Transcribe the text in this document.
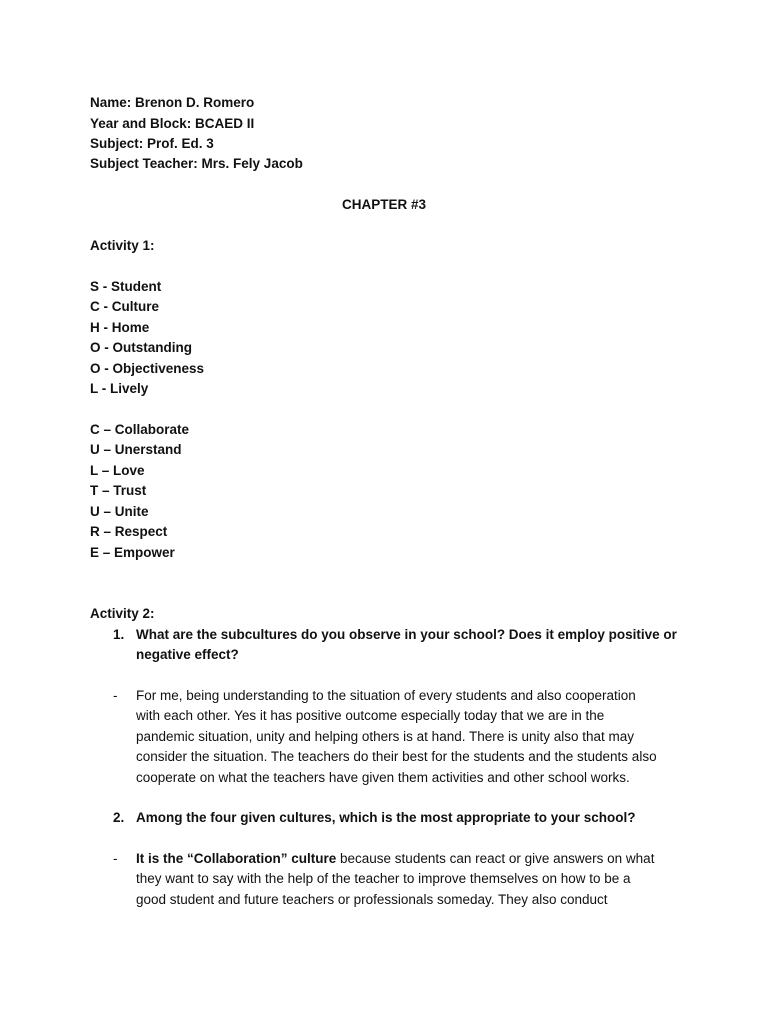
Name: Brenon D. Romero
Year and Block: BCAED II
Subject: Prof. Ed. 3
Subject Teacher: Mrs. Fely Jacob
CHAPTER #3
Activity 1:
S - Student
C - Culture
H - Home
O - Outstanding
O - Objectiveness
L - Lively
C – Collaborate
U – Unerstand
L – Love
T – Trust
U – Unite
R – Respect
E – Empower
Activity 2:
1. What are the subcultures do you observe in your school? Does it employ positive or
negative effect?
- For me, being understanding to the situation of every students and also cooperation
with each other. Yes it has positive outcome especially today that we are in the
pandemic situation, unity and helping others is at hand. There is unity also that may
consider the situation. The teachers do their best for the students and the students also
cooperate on what the teachers have given them activities and other school works.
2. Among the four given cultures, which is the most appropriate to your school?
- It is the “Collaboration” culture because students can react or give answers on what
they want to say with the help of the teacher to improve themselves on how to be a
good student and future teachers or professionals someday. They also conduct
